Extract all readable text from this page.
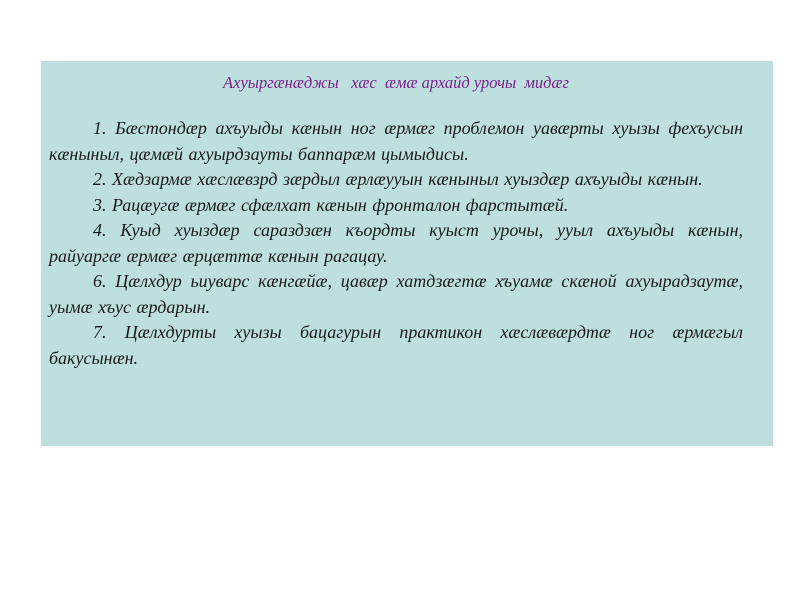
Ахуыргæнæджы   хæс  æмæ архайд урочы  мидæг

1. Бæстондæр ахъуыды кæнын ног æрмæг проблемон уавæрты хуызы фехъусын кæныныл, цæмæй ахуырдзауты баппарæм цымыдисы.

2. Хæдзармæ хæслæвзрд зæрдыл æрлæууын кæныныл хуыздæр ахъуыды кæнын.

3. Рацæугæ æрмæг сфæлхат кæнын фронталон фарстытæй.

4. Куыд хуыздæр сараздзæн къордты куыст урочы, ууыл ахъуыды кæнын, райуаргæ æрмæг æрцæттæ кæнын рагацау.

6. Цæлхдур ьиуварс кæнгæйæ, цавæр хатдзæгтæ хъуамæ скæной ахуырадзаутæ, уымæ хъус æрдарын.

7. Цæлхдурты хуызы бацагурын практикон хæслæвæрдтæ ног æрмæгыл бакусынæн.
